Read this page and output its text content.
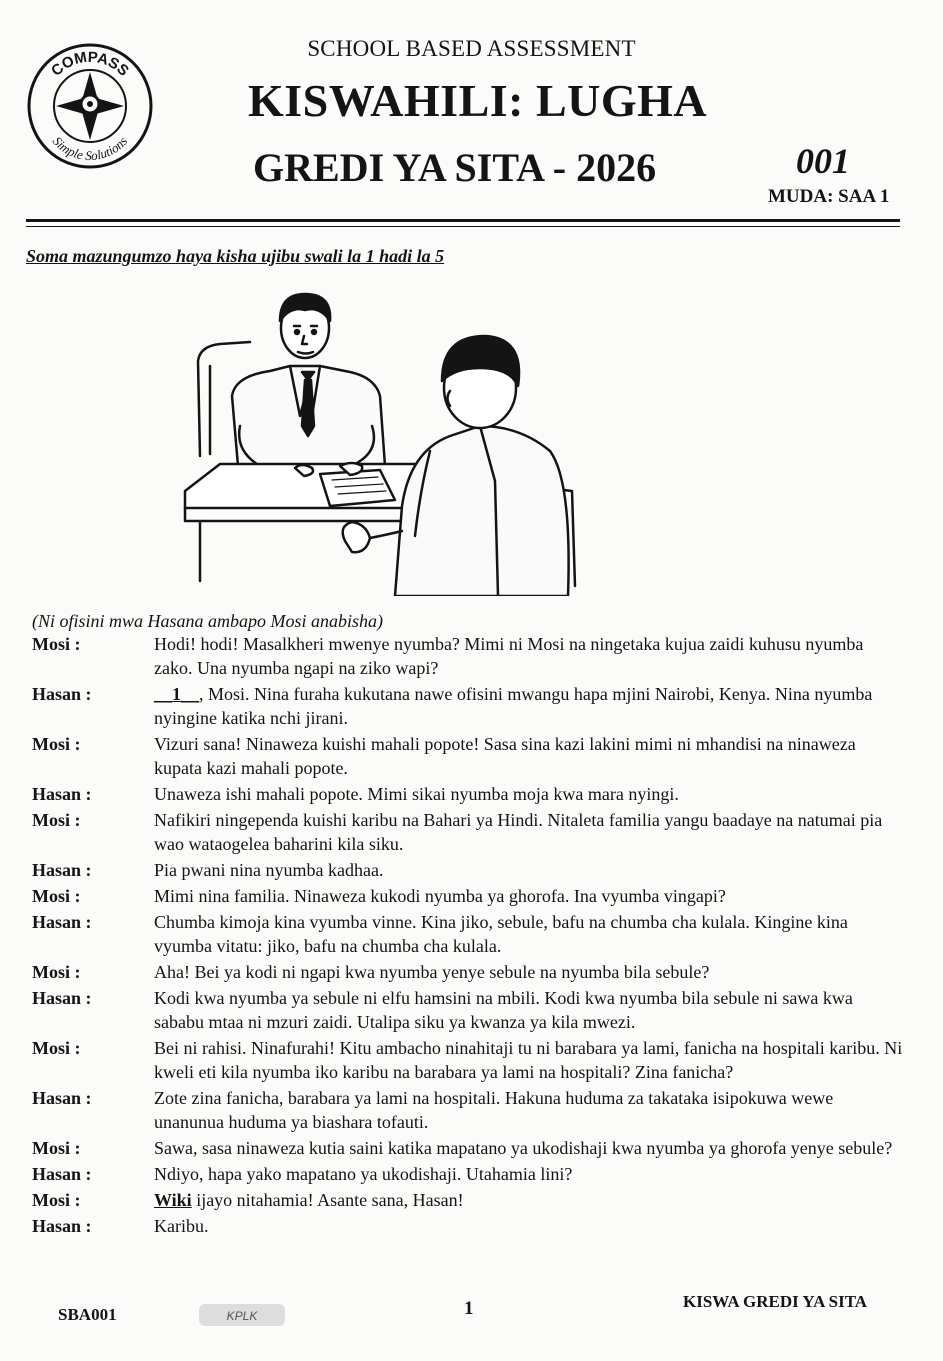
COMPASS
Simple Solutions
SCHOOL BASED ASSESSMENT
KISWAHILI: LUGHA
GREDI YA SITA - 2026	001
MUDA: SAA 1
Soma mazungumzo haya kisha ujibu swali la 1 hadi la 5
(Ni ofisini mwa Hasana ambapo Mosi anabisha)
Mosi :	Hodi! hodi! Masalkheri mwenye nyumba? Mimi ni Mosi na ningetaka kujua zaidi kuhusu nyumba zako. Una nyumba ngapi na ziko wapi?
Hasan :	__1__, Mosi. Nina furaha kukutana nawe ofisini mwangu hapa mjini Nairobi, Kenya. Nina nyumba nyingine katika nchi jirani.
Mosi :	Vizuri sana! Ninaweza kuishi mahali popote! Sasa sina kazi lakini mimi ni mhandisi na ninaweza kupata kazi mahali popote.
Hasan :	Unaweza ishi mahali popote. Mimi sikai nyumba moja kwa mara nyingi.
Mosi :	Nafikiri ningependa kuishi karibu na Bahari ya Hindi. Nitaleta familia yangu baadaye na natumai pia wao wataogelea baharini kila siku.
Hasan :	Pia pwani nina nyumba kadhaa.
Mosi :	Mimi nina familia. Ninaweza kukodi nyumba ya ghorofa. Ina vyumba vingapi?
Hasan :	Chumba kimoja kina vyumba vinne. Kina jiko, sebule, bafu na chumba cha kulala. Kingine kina vyumba vitatu: jiko, bafu na chumba cha kulala.
Mosi :	Aha! Bei ya kodi ni ngapi kwa nyumba yenye sebule na nyumba bila sebule?
Hasan :	Kodi kwa nyumba ya sebule ni elfu hamsini na mbili. Kodi kwa nyumba bila sebule ni sawa kwa sababu mtaa ni mzuri zaidi. Utalipa siku ya kwanza ya kila mwezi.
Mosi :	Bei ni rahisi. Ninafurahi! Kitu ambacho ninahitaji tu ni barabara ya lami, fanicha na hospitali karibu. Ni kweli eti kila nyumba iko karibu na barabara ya lami na hospitali? Zina fanicha?
Hasan :	Zote zina fanicha, barabara ya lami na hospitali. Hakuna huduma za takataka isipokuwa wewe unanunua huduma ya biashara tofauti.
Mosi :	Sawa, sasa ninaweza kutia saini katika mapatano ya ukodishaji kwa nyumba ya ghorofa yenye sebule?
Hasan :	Ndiyo, hapa yako mapatano ya ukodishaji. Utahamia lini?
Mosi :	Wiki ijayo nitahamia! Asante sana, Hasan!
Hasan :	Karibu.
SBA001	KPLK	1	KISWA GREDI YA SITA
